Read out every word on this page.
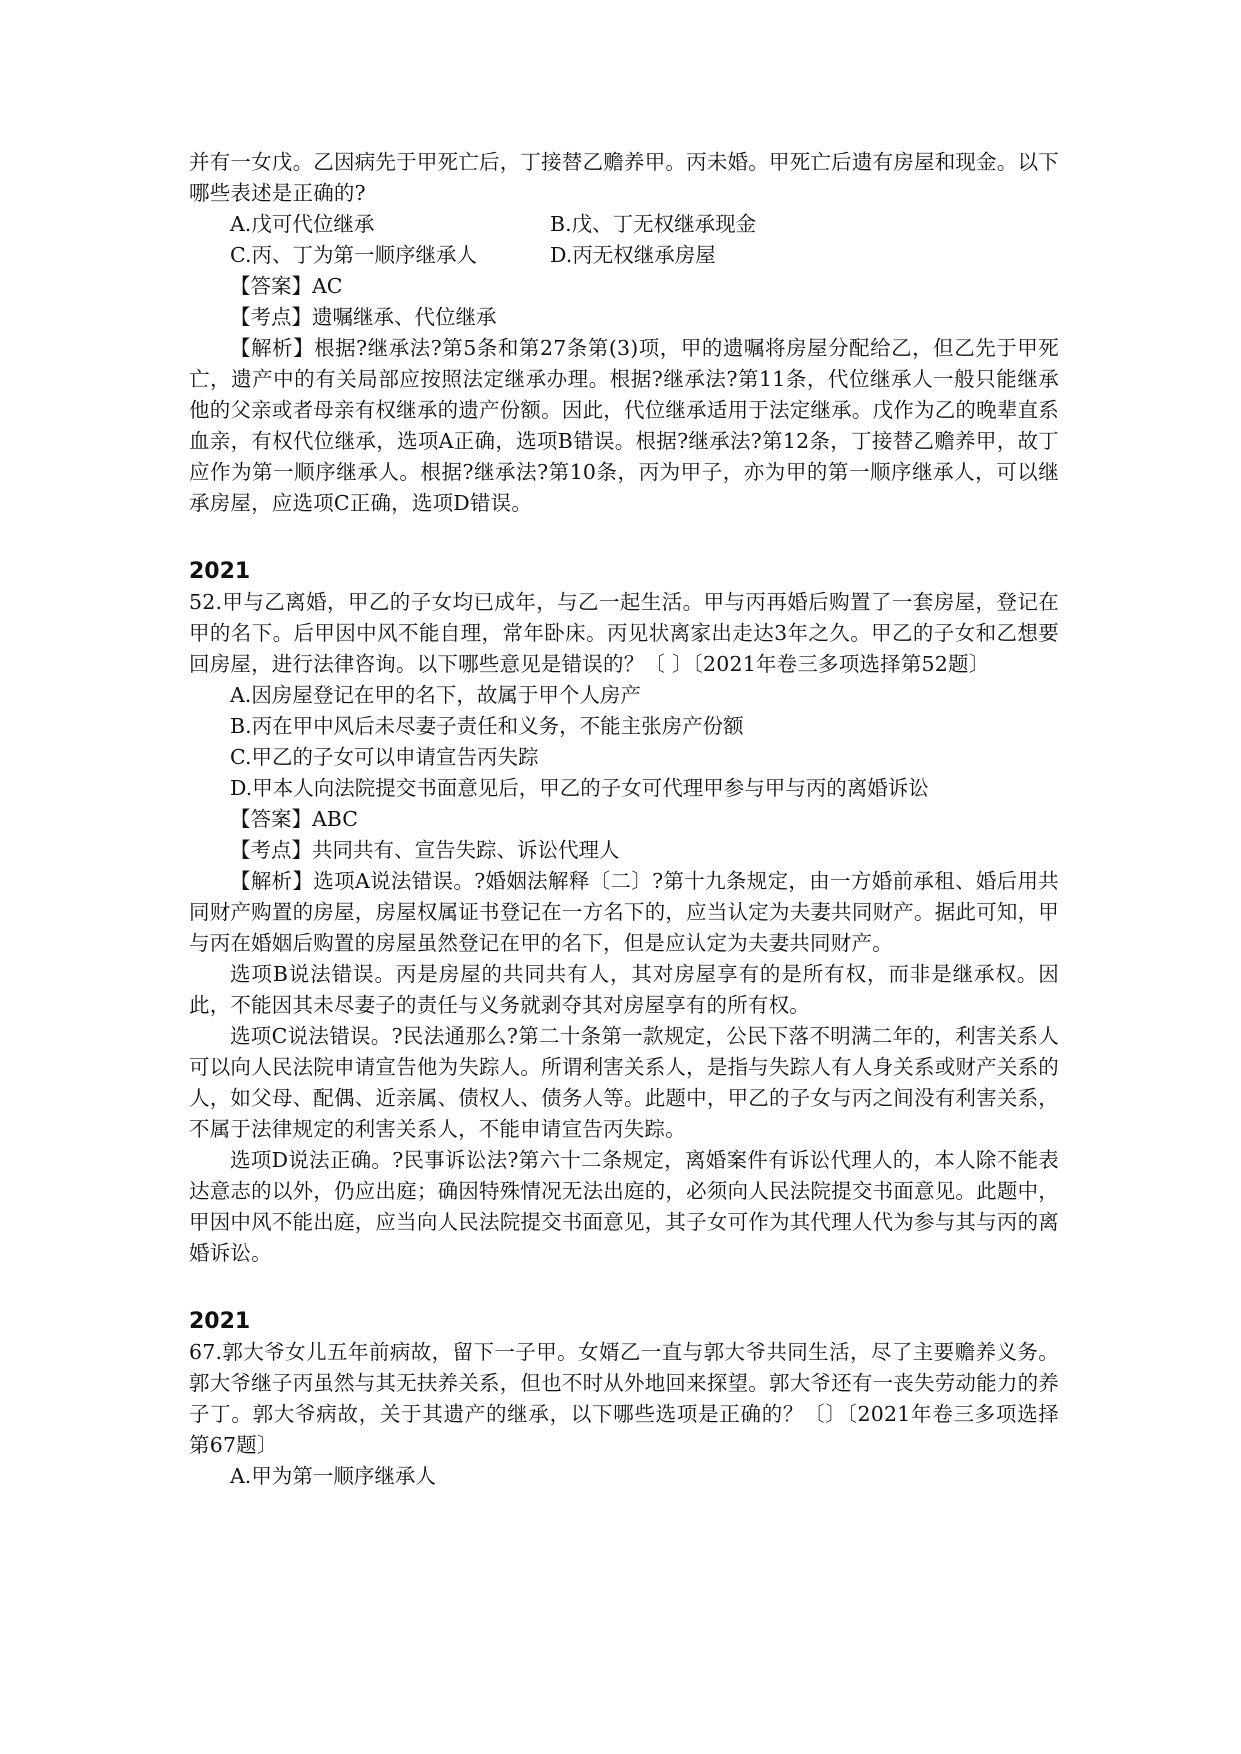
并有一女戊。乙因病先于甲死亡后，丁接替乙赡养甲。丙未婚。甲死亡后遗有房屋和现金。以下哪些表述是正确的?

A.戊可代位继承	B.戊、丁无权继承现金
C.丙、丁为第一顺序继承人	D.丙无权继承房屋

【答案】AC

【考点】遗嘱继承、代位继承

【解析】根据?继承法?第5条和第27条第(3)项，甲的遗嘱将房屋分配给乙，但乙先于甲死亡，遗产中的有关局部应按照法定继承办理。根据?继承法?第11条，代位继承人一般只能继承他的父亲或者母亲有权继承的遗产份额。因此，代位继承适用于法定继承。戊作为乙的晚辈直系血亲，有权代位继承，选项A正确，选项B错误。根据?继承法?第12条，丁接替乙赡养甲，故丁应作为第一顺序继承人。根据?继承法?第10条，丙为甲子，亦为甲的第一顺序继承人，可以继承房屋，应选项C正确，选项D错误。

2021

52.甲与乙离婚，甲乙的子女均已成年，与乙一起生活。甲与丙再婚后购置了一套房屋，登记在甲的名下。后甲因中风不能自理，常年卧床。丙见状离家出走达3年之久。甲乙的子女和乙想要回房屋，进行法律咨询。以下哪些意见是错误的？〔 〕〔2021年卷三多项选择第52题〕

A.因房屋登记在甲的名下，故属于甲个人房产

B.丙在甲中风后未尽妻子责任和义务，不能主张房产份额

C.甲乙的子女可以申请宣告丙失踪

D.甲本人向法院提交书面意见后，甲乙的子女可代理甲参与甲与丙的离婚诉讼

【答案】ABC

【考点】共同共有、宣告失踪、诉讼代理人

【解析】选项A说法错误。?婚姻法解释〔二〕?第十九条规定，由一方婚前承租、婚后用共同财产购置的房屋，房屋权属证书登记在一方名下的，应当认定为夫妻共同财产。据此可知，甲与丙在婚姻后购置的房屋虽然登记在甲的名下，但是应认定为夫妻共同财产。

选项B说法错误。丙是房屋的共同共有人，其对房屋享有的是所有权，而非是继承权。因此，不能因其未尽妻子的责任与义务就剥夺其对房屋享有的所有权。

选项C说法错误。?民法通那么?第二十条第一款规定，公民下落不明满二年的，利害关系人可以向人民法院申请宣告他为失踪人。所谓利害关系人，是指与失踪人有人身关系或财产关系的人，如父母、配偶、近亲属、债权人、债务人等。此题中，甲乙的子女与丙之间没有利害关系，不属于法律规定的利害关系人，不能申请宣告丙失踪。

选项D说法正确。?民事诉讼法?第六十二条规定，离婚案件有诉讼代理人的，本人除不能表达意志的以外，仍应出庭；确因特殊情况无法出庭的，必须向人民法院提交书面意见。此题中，甲因中风不能出庭，应当向人民法院提交书面意见，其子女可作为其代理人代为参与其与丙的离婚诉讼。

2021

67.郭大爷女儿五年前病故，留下一子甲。女婿乙一直与郭大爷共同生活，尽了主要赡养义务。郭大爷继子丙虽然与其无扶养关系，但也不时从外地回来探望。郭大爷还有一丧失劳动能力的养子丁。郭大爷病故，关于其遗产的继承，以下哪些选项是正确的？〔〕〔2021年卷三多项选择第67题〕

A.甲为第一顺序继承人
